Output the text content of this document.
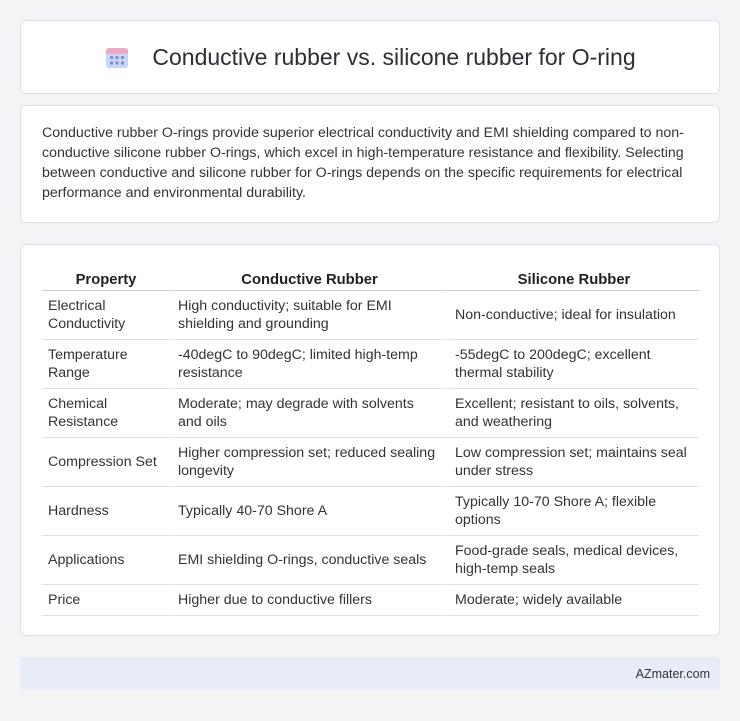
Conductive rubber vs. silicone rubber for O-ring

Conductive rubber O-rings provide superior electrical conductivity and EMI shielding compared to non-conductive silicone rubber O-rings, which excel in high-temperature resistance and flexibility. Selecting between conductive and silicone rubber for O-rings depends on the specific requirements for electrical performance and environmental durability.

Property	Conductive Rubber	Silicone Rubber
Electrical Conductivity	High conductivity; suitable for EMI shielding and grounding	Non-conductive; ideal for insulation
Temperature Range	-40degC to 90degC; limited high-temp resistance	-55degC to 200degC; excellent thermal stability
Chemical Resistance	Moderate; may degrade with solvents and oils	Excellent; resistant to oils, solvents, and weathering
Compression Set	Higher compression set; reduced sealing longevity	Low compression set; maintains seal under stress
Hardness	Typically 40-70 Shore A	Typically 10-70 Shore A; flexible options
Applications	EMI shielding O-rings, conductive seals	Food-grade seals, medical devices, high-temp seals
Price	Higher due to conductive fillers	Moderate; widely available
AZmater.com
